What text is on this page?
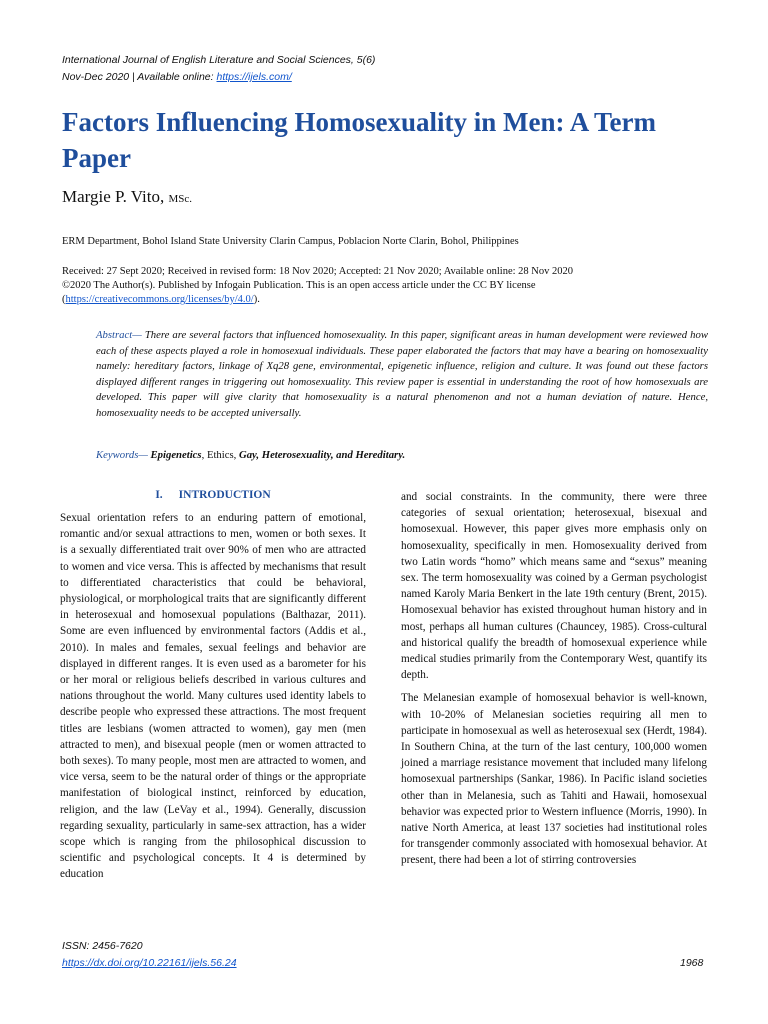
International Journal of English Literature and Social Sciences, 5(6)
Nov-Dec 2020 | Available online: https://ijels.com/
Factors Influencing Homosexuality in Men: A Term Paper
Margie P. Vito, MSc.
ERM Department, Bohol Island State University Clarin Campus, Poblacion Norte Clarin, Bohol, Philippines
Received: 27 Sept 2020; Received in revised form: 18 Nov 2020; Accepted: 21 Nov 2020; Available online: 28 Nov 2020
©2020 The Author(s). Published by Infogain Publication. This is an open access article under the CC BY license
(https://creativecommons.org/licenses/by/4.0/).
Abstract— There are several factors that influenced homosexuality. In this paper, significant areas in human development were reviewed how each of these aspects played a role in homosexual individuals. These paper elaborated the factors that may have a bearing on homosexuality namely: hereditary factors, linkage of Xq28 gene, environmental, epigenetic influence, religion and culture. It was found out these factors displayed different ranges in triggering out homosexuality. This review paper is essential in understanding the root of how homosexuals are developed. This paper will give clarity that homosexuality is a natural phenomenon and not a human deviation of nature. Hence, homosexuality needs to be accepted universally.
Keywords— Epigenetics, Ethics, Gay, Heterosexuality, and Hereditary.
I. INTRODUCTION

Sexual orientation refers to an enduring pattern of emotional, romantic and/or sexual attractions to men, women or both sexes. It is a sexually differentiated trait over 90% of men who are attracted to women and vice versa. This is affected by mechanisms that result to differentiated characteristics that could be behavioral, physiological, or morphological traits that are significantly different in heterosexual and homosexual populations (Balthazar, 2011). Some are even influenced by environmental factors (Addis et al., 2010). In males and females, sexual feelings and behavior are displayed in different ranges. It is even used as a barometer for his or her moral or religious beliefs described in various cultures and nations throughout the world. Many cultures used identity labels to describe people who expressed these attractions. The most frequent titles are lesbians (women attracted to women), gay men (men attracted to men), and bisexual people (men or women attracted to both sexes). To many people, most men are attracted to women, and vice versa, seem to be the natural order of things or the appropriate manifestation of biological instinct, reinforced by education, religion, and the law (LeVay et al., 1994). Generally, discussion regarding sexuality, particularly in same-sex attraction, has a wider scope which is ranging from the philosophical discussion to scientific and psychological concepts. It 4 is determined by education

and social constraints. In the community, there were three categories of sexual orientation; heterosexual, bisexual and homosexual. However, this paper gives more emphasis only on homosexuality, specifically in men. Homosexuality derived from two Latin words “homo” which means same and “sexus” meaning sex. The term homosexuality was coined by a German psychologist named Karoly Maria Benkert in the late 19th century (Brent, 2015). Homosexual behavior has existed throughout human history and in most, perhaps all human cultures (Chauncey, 1985). Cross-cultural and historical qualify the breadth of homosexual experience while medical studies primarily from the Contemporary West, quantify its depth.

The Melanesian example of homosexual behavior is well-known, with 10-20% of Melanesian societies requiring all men to participate in homosexual as well as heterosexual sex (Herdt, 1984). In Southern China, at the turn of the last century, 100,000 women joined a marriage resistance movement that included many lifelong homosexual partnerships (Sankar, 1986). In Pacific island societies other than in Melanesia, such as Tahiti and Hawaii, homosexual behavior was expected prior to Western influence (Morris, 1990). In native North America, at least 137 societies had institutional roles for transgender commonly associated with homosexual behavior. At present, there had been a lot of stirring controversies

ISSN: 2456-7620
https://dx.doi.org/10.22161/ijels.56.24	1968
